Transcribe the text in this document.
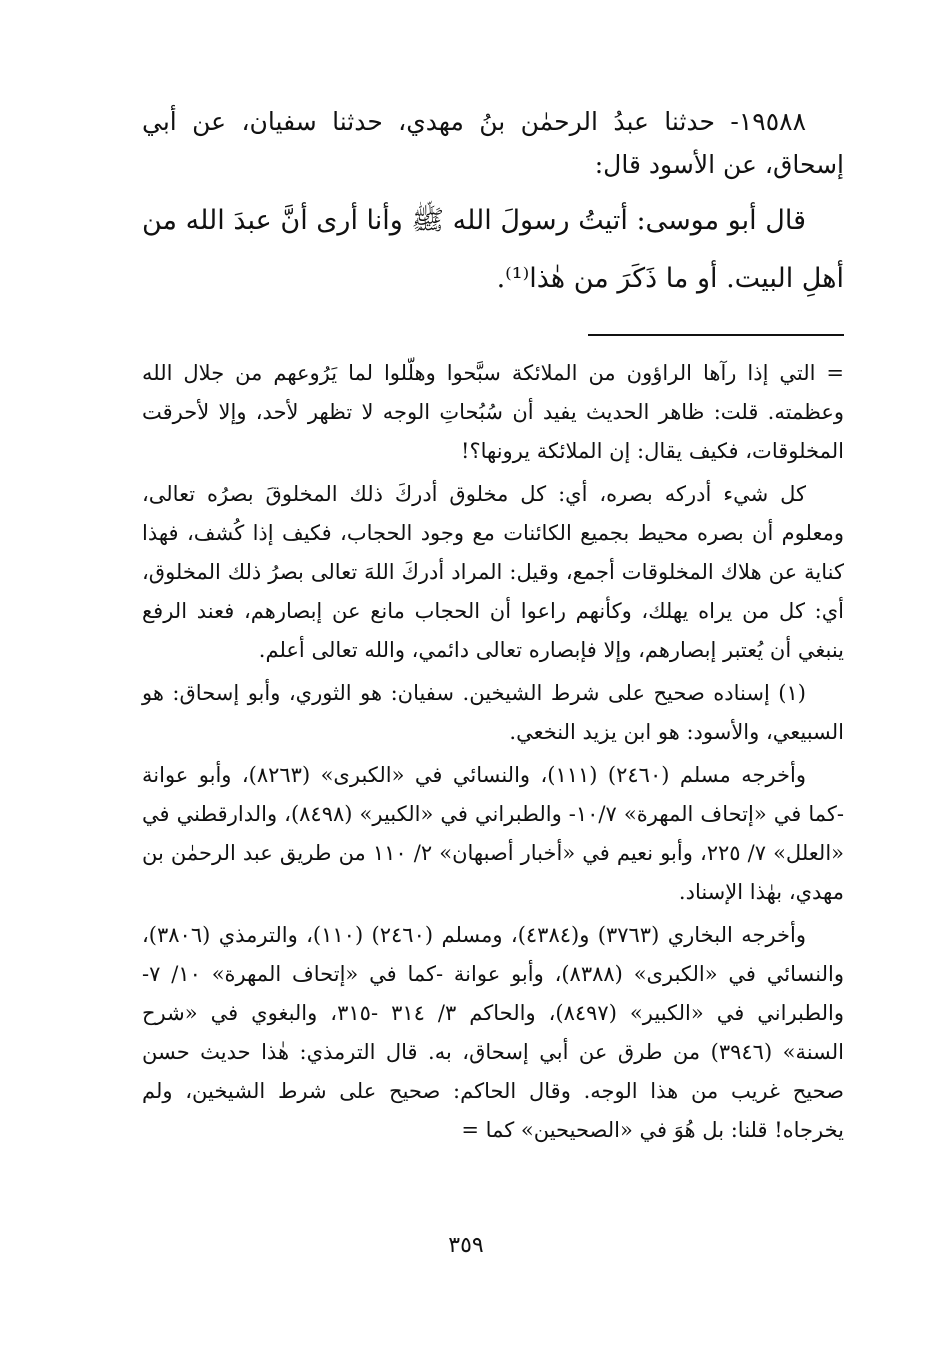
١٩٥٨٨- حدثنا عبدُ الرحمٰن بنُ مهدي، حدثنا سفيان، عن أبي إسحاق، عن الأسود قال:

قال أبو موسى: أتيتُ رسولَ الله ﷺ وأنا أرى أنَّ عبدَ الله من أهلِ البيت. أو ما ذَكَرَ من هٰذا⁽¹⁾.

= التي إذا رآها الراؤون من الملائكة سبَّحوا وهلّلوا لما يَرُوعهم من جلال الله وعظمته. قلت: ظاهر الحديث يفيد أن سُبُحاتِ الوجه لا تظهر لأحد، وإلا لأحرقت المخلوقات، فكيف يقال: إن الملائكة يرونها؟!

كل شيء أدركه بصره، أي: كل مخلوق أدركَ ذلك المخلوقَ بصرُه تعالى، ومعلوم أن بصره محيط بجميع الكائنات مع وجود الحجاب، فكيف إذا كُشف، فهذا كناية عن هلاك المخلوقات أجمع، وقيل: المراد أدركَ اللهَ تعالى بصرُ ذلك المخلوق، أي: كل من يراه يهلك، وكأنهم راعوا أن الحجاب مانع عن إبصارهم، فعند الرفع ينبغي أن يُعتبر إبصارهم، وإلا فإبصاره تعالى دائمي، والله تعالى أعلم.

(١) إسناده صحيح على شرط الشيخين. سفيان: هو الثوري، وأبو إسحاق: هو السبيعي، والأسود: هو ابن يزيد النخعي.

وأخرجه مسلم (٢٤٦٠) (١١١)، والنسائي في «الكبرى» (٨٢٦٣)، وأبو عوانة -كما في «إتحاف المهرة» ١٠/٧- والطبراني في «الكبير» (٨٤٩٨)، والدارقطني في «العلل» ٧/ ٢٢٥، وأبو نعيم في «أخبار أصبهان» ٢/ ١١٠ من طريق عبد الرحمٰن بن مهدي، بهٰذا الإسناد.

وأخرجه البخاري (٣٧٦٣) و(٤٣٨٤)، ومسلم (٢٤٦٠) (١١٠)، والترمذي (٣٨٠٦)، والنسائي في «الكبرى» (٨٣٨٨)، وأبو عوانة -كما في «إتحاف المهرة» ١٠/ ٧- والطبراني في «الكبير» (٨٤٩٧)، والحاكم ٣/ ٣١٤ -٣١٥، والبغوي في «شرح السنة» (٣٩٤٦) من طرق عن أبي إسحاق، به. قال الترمذي: هٰذا حديث حسن صحيح غريب من هذا الوجه. وقال الحاكم: صحيح على شرط الشيخين، ولم يخرجاه! قلنا: بل هُوَ في «الصحيحين» كما =

٣٥٩
